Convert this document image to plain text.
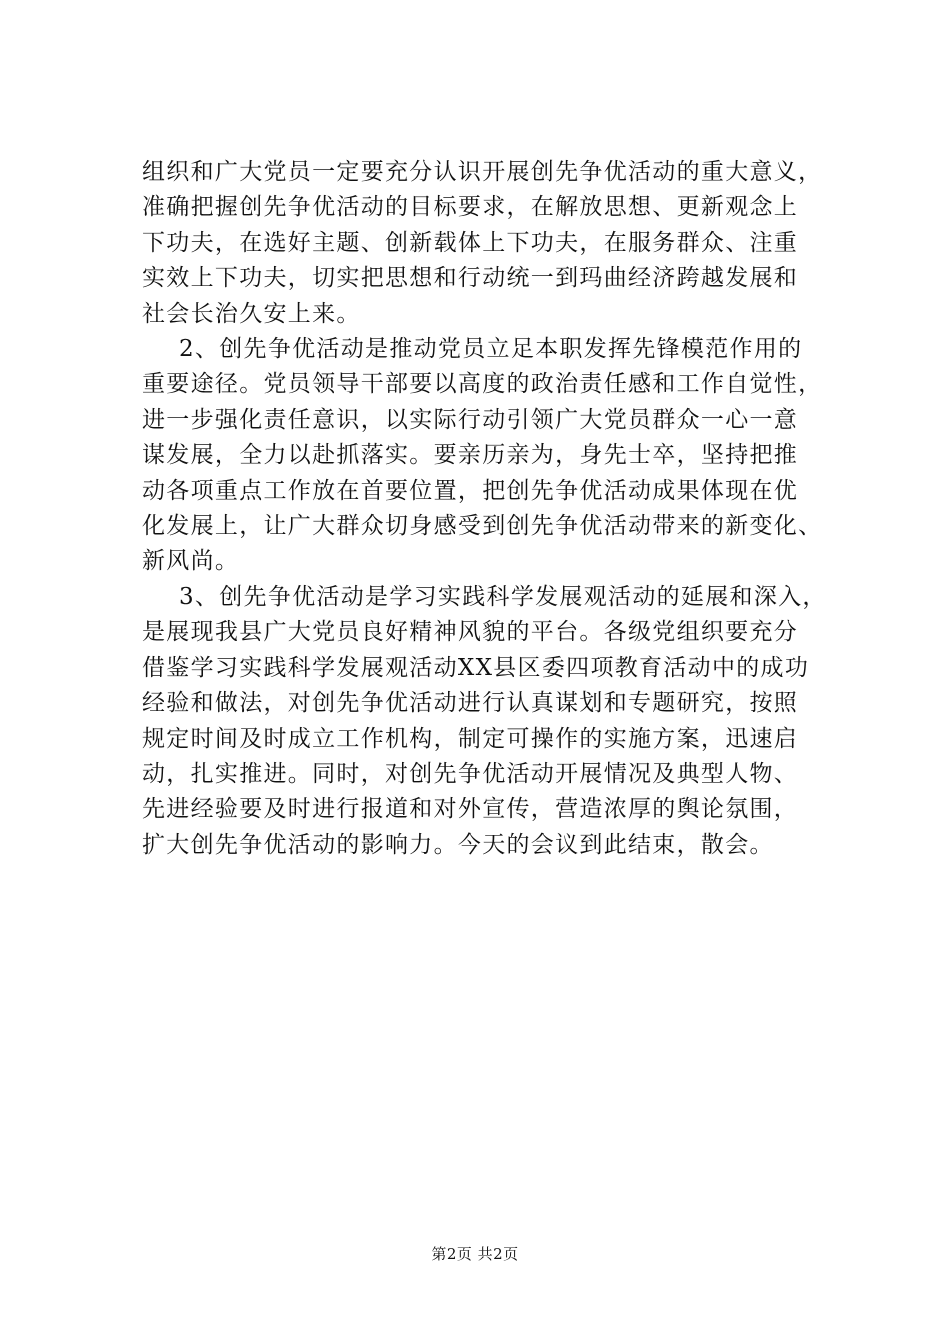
组织和广大党员一定要充分认识开展创先争优活动的重大意义，
准确把握创先争优活动的目标要求，在解放思想、更新观念上
下功夫，在选好主题、创新载体上下功夫，在服务群众、注重
实效上下功夫，切实把思想和行动统一到玛曲经济跨越发展和
社会长治久安上来。
2、创先争优活动是推动党员立足本职发挥先锋模范作用的
重要途径。党员领导干部要以高度的政治责任感和工作自觉性，
进一步强化责任意识，以实际行动引领广大党员群众一心一意
谋发展，全力以赴抓落实。要亲历亲为，身先士卒，坚持把推
动各项重点工作放在首要位置，把创先争优活动成果体现在优
化发展上，让广大群众切身感受到创先争优活动带来的新变化、
新风尚。
3、创先争优活动是学习实践科学发展观活动的延展和深入，
是展现我县广大党员良好精神风貌的平台。各级党组织要充分
借鉴学习实践科学发展观活动XX县区委四项教育活动中的成功
经验和做法，对创先争优活动进行认真谋划和专题研究，按照
规定时间及时成立工作机构，制定可操作的实施方案，迅速启
动，扎实推进。同时，对创先争优活动开展情况及典型人物、
先进经验要及时进行报道和对外宣传，营造浓厚的舆论氛围，
扩大创先争优活动的影响力。今天的会议到此结束，散会。
第2页 共2页
